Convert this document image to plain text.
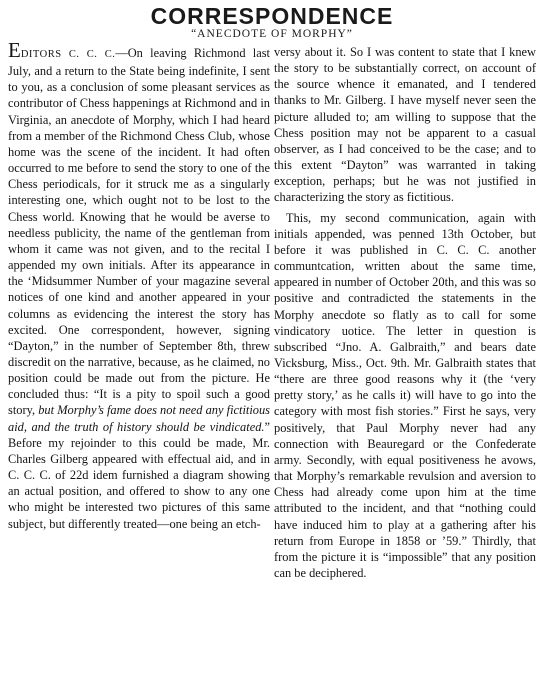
CORRESPONDENCE
“ANECDOTE OF MORPHY”

EDITORS C. C. C.—On leaving Richmond last July, and a return to the State being indefinite, I sent to you, as a conclusion of some pleasant services as contributor of Chess happenings at Richmond and in Virginia, an anecdote of Morphy, which I had heard from a member of the Richmond Chess Club, whose home was the scene of the incident. It had often occurred to me before to send the story to one of the Chess periodicals, for it struck me as a singularly interesting one, which ought not to be lost to the Chess world. Knowing that he would be averse to needless publicity, the name of the gentleman from whom it came was not given, and to the recital I appended my own initials. After its appearance in the ‘Midsummer Number of your magazine several notices of one kind and another appeared in your columns as evidencing the interest the story has excited. One correspondent, however, signing “Dayton,” in the number of September 8th, threw discredit on the narrative, because, as he claimed, no position could be made out from the picture. He concluded thus: “It is a pity to spoil such a good story, but Morphy’s fame does not need any fictitious aid, and the truth of history should be vindicated.” Before my rejoinder to this could be made, Mr. Charles Gilberg appeared with effectual aid, and in C. C. C. of 22d idem furnished a diagram showing an actual position, and offered to show to any one who might be interested two pictures of this same subject, but differently treated—one being an etch-

versy about it. So I was content to state that I knew the story to be substantially correct, on account of the source whence it emanated, and I tendered thanks to Mr. Gilberg. I have myself never seen the picture alluded to; am willing to suppose that the Chess position may not be apparent to a casual observer, as I had conceived to be the case; and to this extent “Dayton” was warranted in taking exception, perhaps; but he was not justified in characterizing the story as fictitious.

This, my second communication, again with initials appended, was penned 13th October, but before it was published in C. C. C. another communtcation, written about the same time, appeared in number of October 20th, and this was so positive and contradicted the statements in the Morphy anecdote so flatly as to call for some vindicatory uotice. The letter in question is subscribed “Jno. A. Galbraith,” and bears date Vicksburg, Miss., Oct. 9th. Mr. Galbraith states that “there are three good reasons why it (the ‘very pretty story,’ as he calls it) will have to go into the category with most fish stories.” First he says, very positively, that Paul Morphy never had any connection with Beauregard or the Confederate army. Secondly, with equal positiveness he avows, that Morphy’s remarkable revulsion and aversion to Chess had already come upon him at the time attributed to the incident, and that “nothing could have induced him to play at a gathering after his return from Europe in 1858 or ’59.” Thirdly, that from the picture it is “impossible” that any position can be deciphered.
